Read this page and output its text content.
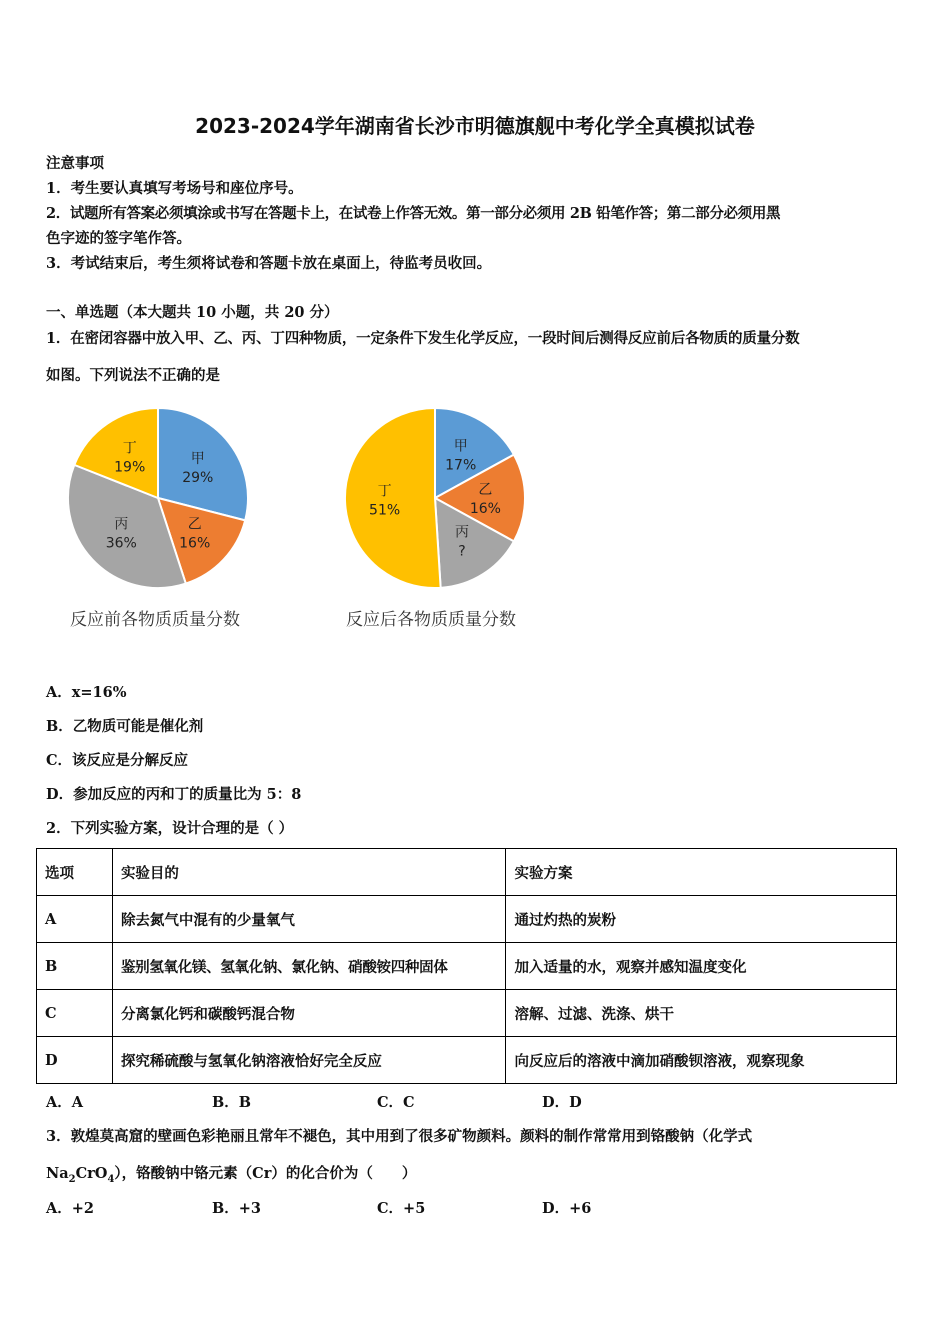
2023-2024学年湖南省长沙市明德旗舰中考化学全真模拟试卷
注意事项
1．考生要认真填写考场号和座位序号。
2．试题所有答案必须填涂或书写在答题卡上，在试卷上作答无效。第一部分必须用 2B 铅笔作答；第二部分必须用黑
色字迹的签字笔作答。
3．考试结束后，考生须将试卷和答题卡放在桌面上，待监考员收回。
一、单选题（本大题共 10 小题，共 20 分）
1．在密闭容器中放入甲、乙、丙、丁四种物质，一定条件下发生化学反应，一段时间后测得反应前后各物质的质量分数
如图。下列说法不正确的是
甲
29%
乙
16%
丙
36%
丁
19%
甲
17%
乙
16%
丙
?
丁
51%
反应前各物质质量分数	反应后各物质质量分数
A．x=16%
B．乙物质可能是催化剂
C．该反应是分解反应
D．参加反应的丙和丁的质量比为 5：8
2．下列实验方案，设计合理的是（ ）
选项	实验目的	实验方案
A	除去氮气中混有的少量氧气	通过灼热的炭粉
B	鉴别氢氧化镁、氢氧化钠、氯化钠、硝酸铵四种固体	加入适量的水，观察并感知温度变化
C	分离氯化钙和碳酸钙混合物	溶解、过滤、洗涤、烘干
D	探究稀硫酸与氢氧化钠溶液恰好完全反应	向反应后的溶液中滴加硝酸钡溶液，观察现象
A．A	B．B	C．C	D．D
3．敦煌莫高窟的壁画色彩艳丽且常年不褪色，其中用到了很多矿物颜料。颜料的制作常常用到铬酸钠（化学式
$Na_2CrO_4$），铬酸钠中铬元素（Cr）的化合价为（　　）
A．+2	B．+3	C．+5	D．+6
